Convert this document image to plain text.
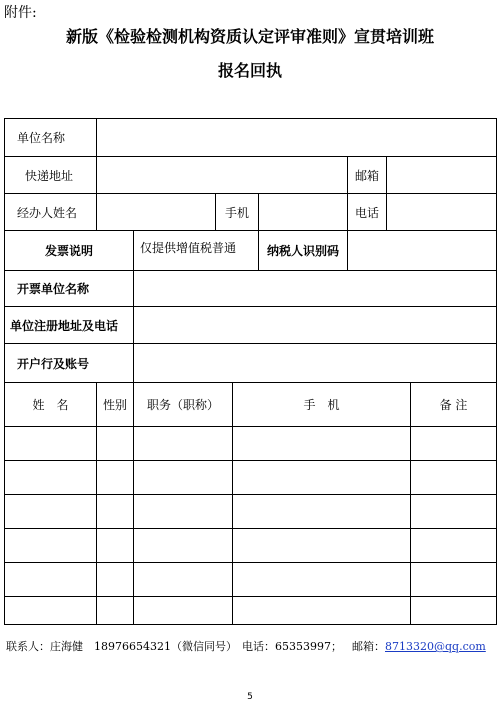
附件:
新版《检验检测机构资质认定评审准则》宣贯培训班
报名回执
单位名称
快递地址	邮箱
经办人姓名	手机	电话
发票说明	仅提供增值税普通	纳税人识别码
开票单位名称
单位注册地址及电话
开户行及账号
姓　名	性别	职务（职称）	手　机	备 注
联系人：庄海健　18976654321（微信同号） 电话：65353997； 邮箱：8713320@qq.com
5
